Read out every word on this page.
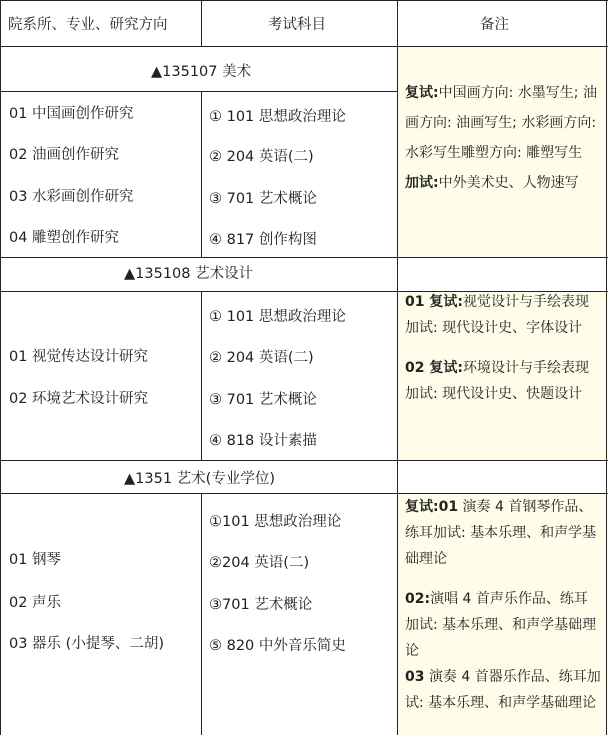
院系所、专业、研究方向	考试科目	备注
▲135107 美术
01 中国画创作研究
02 油画创作研究
03 水彩画创作研究
04 雕塑创作研究
① 101 思想政治理论
② 204 英语(二)
③ 701 艺术概论
④ 817 创作构图

复试:中国画方向: 水墨写生; 油画方向: 油画写生; 水彩画方向: 水彩写生雕塑方向: 雕塑写生

加试:中外美术史、人物速写

▲135108 艺术设计
01 视觉传达设计研究
02 环境艺术设计研究
① 101 思想政治理论
② 204 英语(二)
③ 701 艺术概论
④ 818 设计素描

01 复试:视觉设计与手绘表现加试: 现代设计史、字体设计

02 复试:环境设计与手绘表现加试: 现代设计史、快题设计

▲1351 艺术(专业学位)
01 钢琴
02 声乐
03 器乐 (小提琴、二胡)
①101 思想政治理论
②204 英语(二)
③701 艺术概论
⑤ 820 中外音乐简史

复试:01 演奏 4 首钢琴作品、练耳加试: 基本乐理、和声学基础理论

02:演唱 4 首声乐作品、练耳加试: 基本乐理、和声学基础理论

03 演奏 4 首器乐作品、练耳加试: 基本乐理、和声学基础理论
